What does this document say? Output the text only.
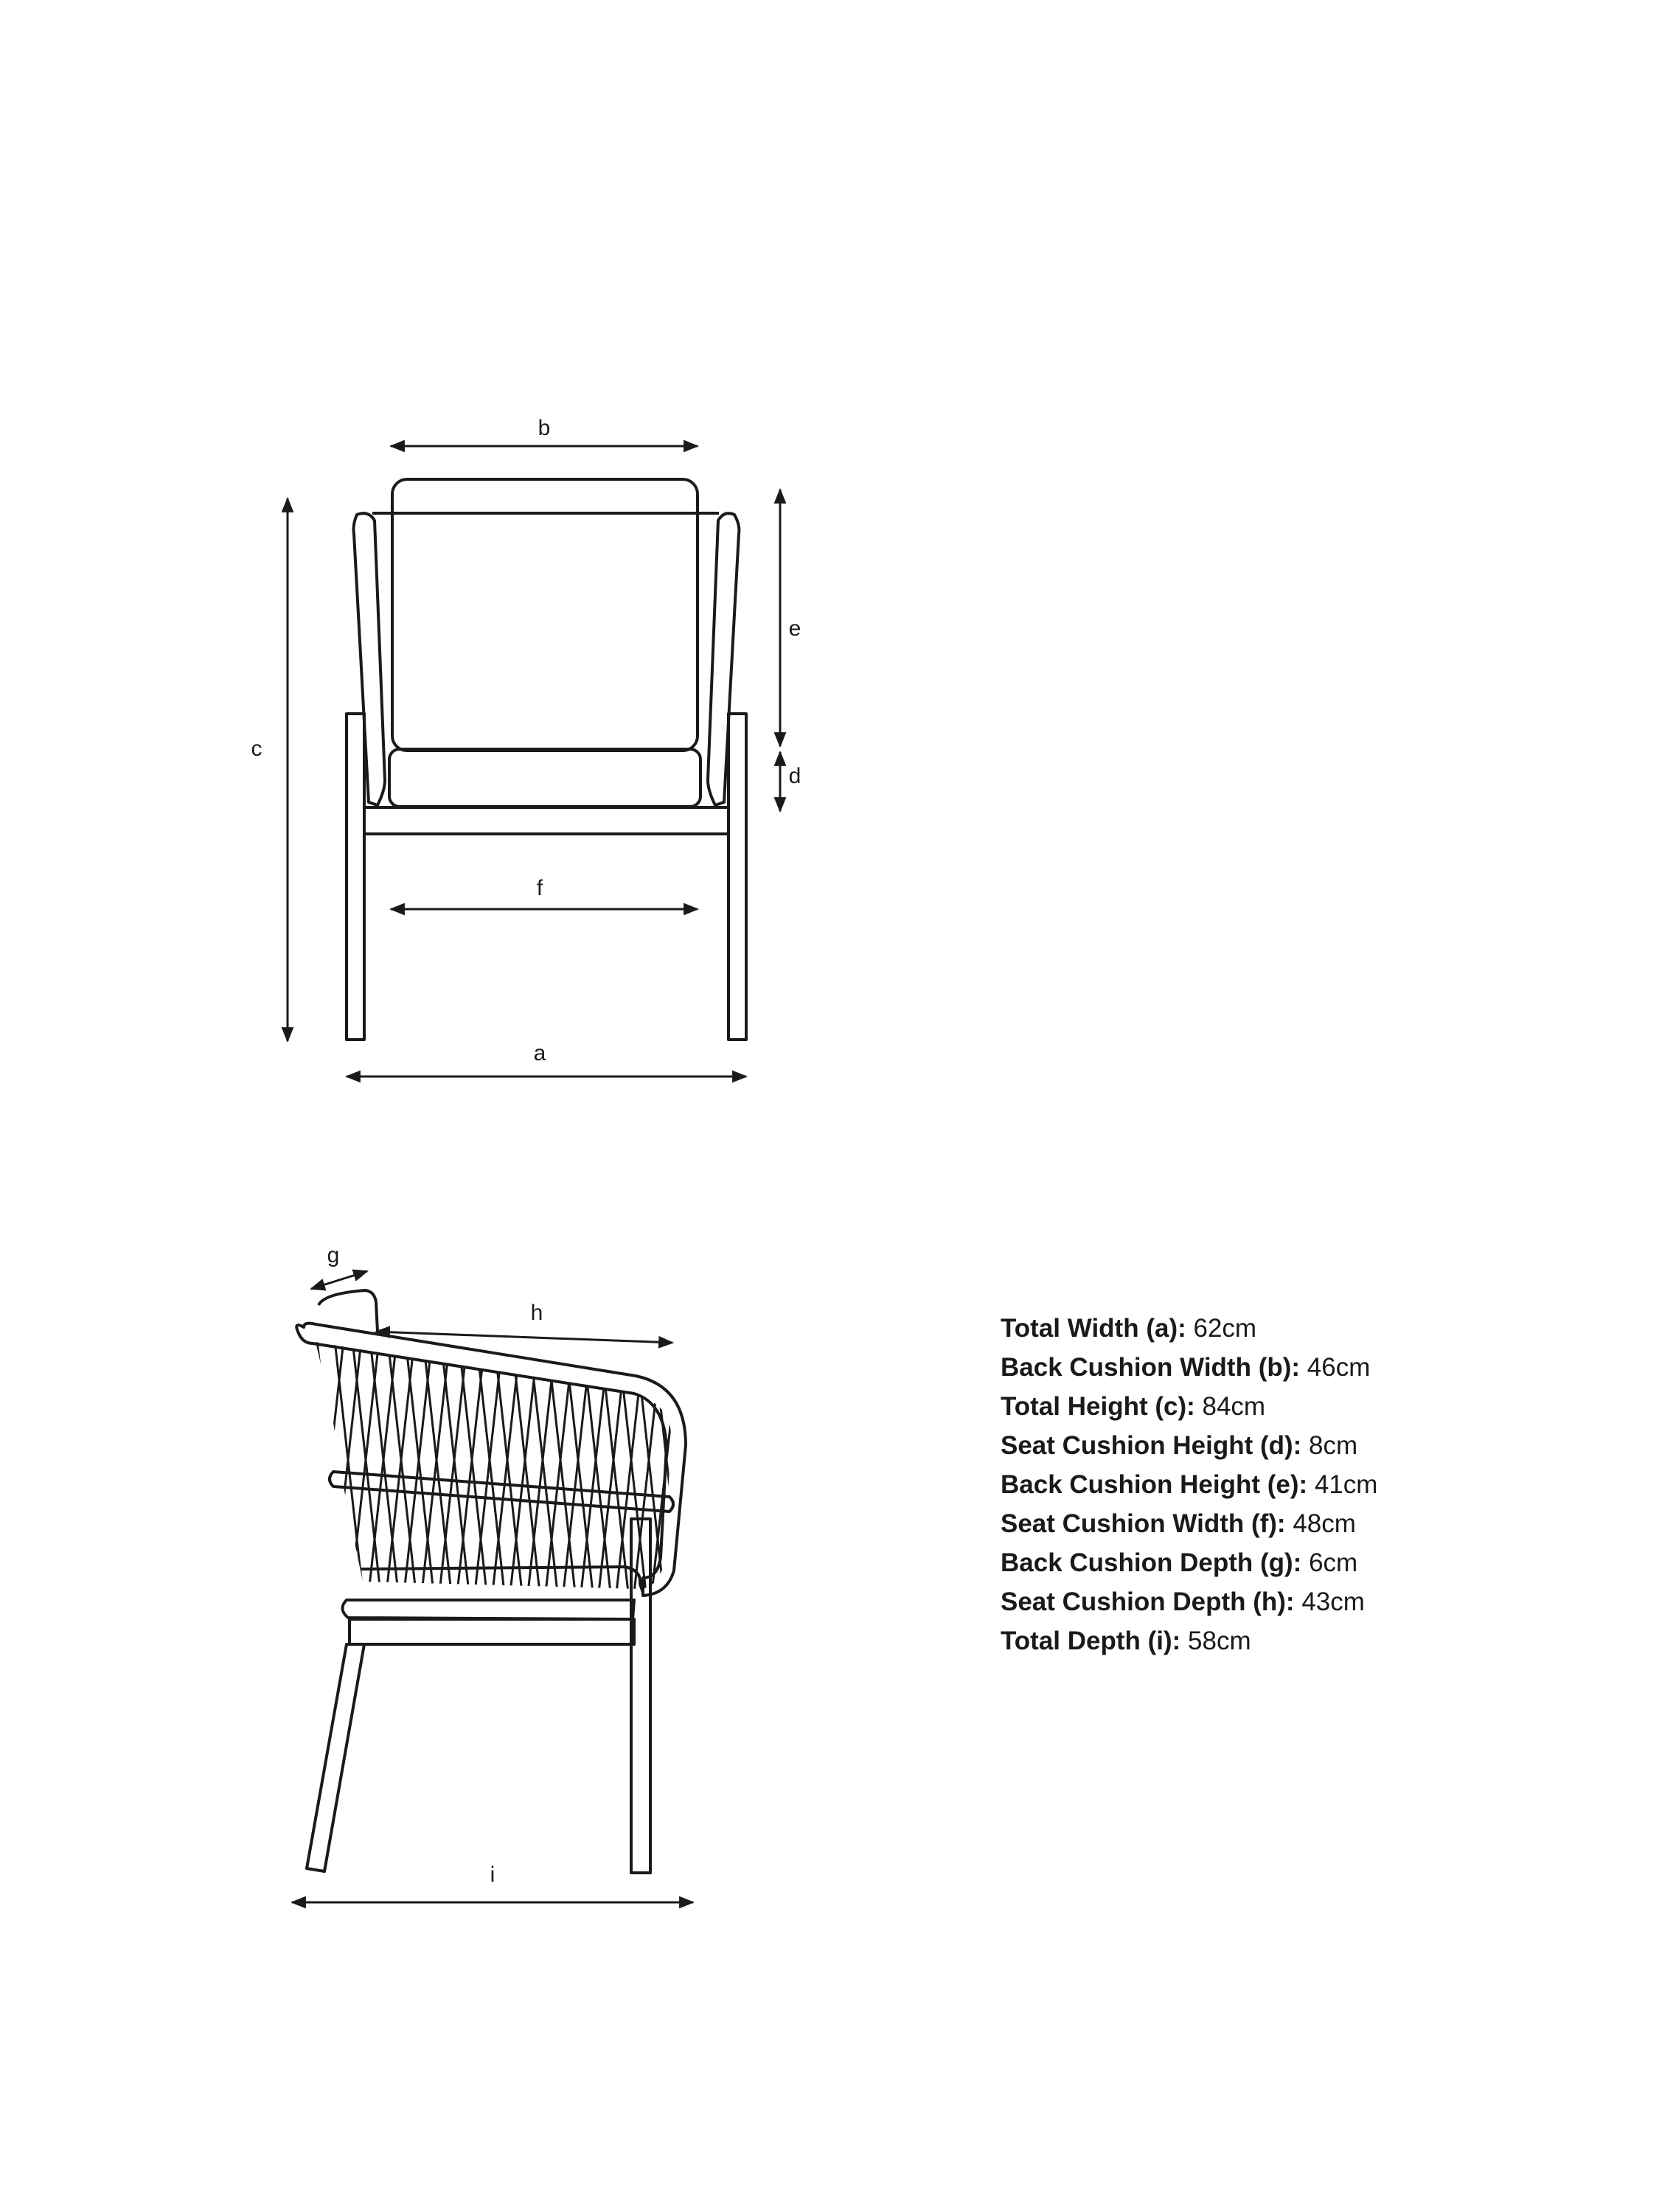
b
c
e
d
f
a
g
h
i
Total Width (a): 62cm
Back Cushion Width (b): 46cm
Total Height (c): 84cm
Seat Cushion Height (d): 8cm
Back Cushion Height (e): 41cm
Seat Cushion Width (f): 48cm
Back Cushion Depth (g): 6cm
Seat Cushion Depth (h): 43cm
Total Depth (i): 58cm
